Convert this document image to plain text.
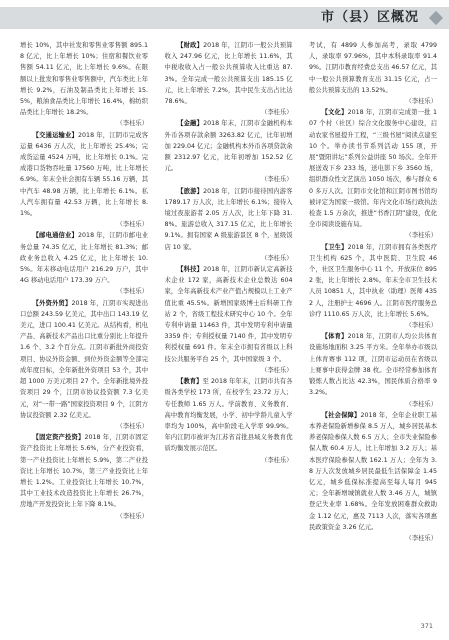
市（县）区概况

增长 10%，其中社发和零售业零售额 895.18 亿元，比上年增长 10%；住宿和餐饮业零售额 54.11 亿元，比上年增长 9.6%。在限额以上批发和零售业零售额中，汽车类比上年增长 9.2%，石油及制品类比上年增长 15.5%，粮油食品类比上年增长 16.4%，棉纺织品类比上年增长 18.2%。

（李桂乐）

【交通运输业】2018 年，江阴市完成客运量 6436 万人次，比上年增长 25.4%；完成货运量 4524 万吨，比上年增长 0.1%。完成港口货物吞吐量 17560 万吨，比上年增长 6.9%。年末全社会拥有车辆 55.16 万辆，其中汽车 48.98 万辆，比上年增长 6.1%。私人汽车拥有量 42.53 万辆，比上年增长 8.1%。

（李桂乐）

【邮电通信业】2018 年，江阴市邮电业务总量 74.35 亿元，比上年增长 81.3%；邮政业务总收入 4.25 亿元，比上年增长 10.5%。年末移动电话用户 216.29 万户，其中 4G 移动电话用户 173.39 万户。

（李桂乐）

【外资外贸】2018 年，江阴市实现进出口总额 243.59 亿美元，其中出口 143.19 亿美元，进口 100.41 亿美元。从结构看，机电产品、高新技术产品出口比重分别比上年提升 1.6 个、3.2 个百分点。江阴市新批外商投资项目、协议外资金额、到位外资金额等全部完成年度目标，全年新批外资项目 53 个，其中超 1000 万美元项目 27 个。全年新批境外投资项目 29 个，江阴市协议投资额 7.3 亿美元，对“一带一路”国家投资项目 9 个，江阴方协议投资额 2.32 亿美元。

（李桂乐）

【固定资产投资】2018 年，江阴市固定资产投资比上年增长 5.6%，分产业投资看，第一产业投资比上年增长 5.9%，第二产业投资比上年增长 10.7%，第三产业投资比上年增长 1.2%。工业投资比上年增长 10.7%，其中工业技术改造投资比上年增长 26.7%，房地产开发投资比上年下降 8.1%。

（李桂乐）

【财政】2018 年，江阴市一般公共预算收入 247.96 亿元，比上年增长 11.6%，其中税收收入占一般公共预算收入比重达 87.3%。全年完成一般公共预算支出 185.15 亿元，比上年增长 7.2%，其中民生支出占比达 78.6%。

（李桂乐）

【金融】2018 年末，江阴市金融机构本外币各项存款余额 3263.82 亿元，比年初增加 229.04 亿元；金融机构本外币各项贷款余额 2312.97 亿元，比年初增加 152.52 亿元。

（李桂乐）

【旅游】2018 年，江阴市接待国内游客 1789.17 万人次，比上年增长 6.1%；接待入境过夜旅游者 2.05 万人次，比上年下降 31.8%。旅游总收入 317.15 亿元，比上年增长 9.1%。拥有国家 A 级旅游景区 8 个，星级饭店 10 家。

（李桂乐）

【科技】2018 年，江阴市新认定高新技术企业 172 家，高新技术企业总数达 604 家，全年高新技术产业产值占规模以上工业产值比重 45.5%。新增国家级博士后科研工作站 2 个，省级工程技术研究中心 10 个。全年专利申请量 11463 件，其中发明专利申请量 3359 件；专利授权量 7140 件，其中发明专利授权量 691 件。年末全市拥有省级以上科技公共服务平台 25 个，其中国家级 3 个。

（李桂乐）

【教育】至 2018 年年末，江阴市共有各级各类学校 173 所，在校学生 23.72 万人；专任教师 1.65 万人。学前教育、义务教育、高中教育均衡发展，小学、初中学龄儿童入学率均为 100%，高中阶段毛入学率 99.9%。年内江阴市被评为江苏省首批县域义务教育优质均衡发展示范区。

（李桂乐）

考试，有 4899 人参加高考，录取 4799 人，录取率 97.96%，其中本科录取率 91.49%。江阴市教育经费总支出 46.57 亿元，其中一般公共预算教育支出 31.15 亿元，占一般公共预算支出的 13.52%。

（李桂乐）

【文化】2018 年，江阴市完成第一批 107 个村（社区）综合文化服务中心建设，启动农家书屋提升工程，“三级书屋”阅读点建至 10 个。举办读书节系列活动 155 项，开展“暨阳讲坛”系列公益讲座 50 场次。全年开展送戏下乡 233 场，送电影下乡 3560 场，组织群众性文艺演出 1050 场次，参与群众 60 多万人次。江阴市文化馆和江阴市图书馆均被评定为国家一级馆。年内文化市场行政执法检查 1.5 万余次，推进“书香江阴”建设，优化全市阅读设施布局。

（李桂乐）

【卫生】2018 年，江阴市拥有各类医疗卫生机构 625 个，其中医院、卫生院 46 个，社区卫生服务中心 11 个。开放床位 8952 张，比上年增长 2.8%。年末全市卫生技术人员 10851 人，其中执业（助理）医师 4352 人，注册护士 4696 人。江阴市医疗服务总诊疗 1110.65 万人次，比上年增长 5.6%。

（李桂乐）

【体育】2018 年，江阴市人均公共体育设施场地面积 3.25 平方米。全年举办市级以上体育赛事 112 项，江阴市运动员在省级以上赛事中获得金牌 38 枚。全市经常参加体育锻炼人数占比达 42.3%，国民体质合格率 93.2%。

（李桂乐）

【社会保障】2018 年，全年企业职工基本养老保险新增参保 8.5 万人，城乡居民基本养老保险参保人数 6.5 万人；全市失业保险参保人数 60.4 万人，比上年增加 3.2 万人；基本医疗保险参保人数 162.1 万人；全年为 3.8 万人次发放城乡居民最低生活保障金 1.45 亿元，城乡低保标准提高至每人每月 945 元；全年新增城镇就业人数 3.46 万人，城镇登记失业率 1.68%。全年发放困难群众救助金 1.12 亿元，惠及 7113 人次，落实各项惠民政策资金 3.26 亿元。

（李桂乐）

371
